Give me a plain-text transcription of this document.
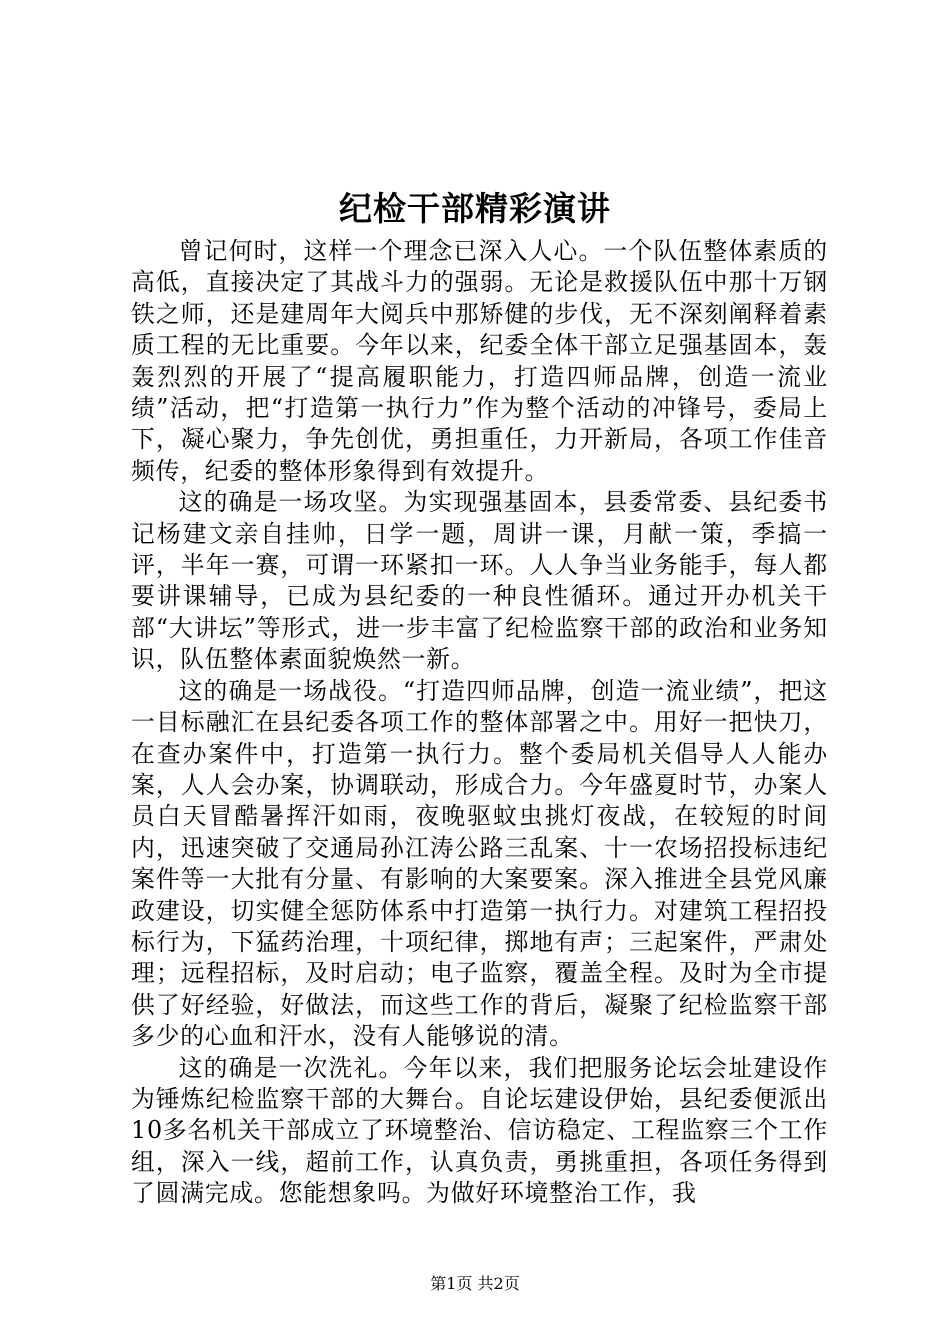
纪检干部精彩演讲

曾记何时，这样一个理念已深入人心。一个队伍整体素质的高低，直接决定了其战斗力的强弱。无论是救援队伍中那十万钢铁之师，还是建周年大阅兵中那矫健的步伐，无不深刻阐释着素质工程的无比重要。今年以来，纪委全体干部立足强基固本，轰轰烈烈的开展了“提高履职能力，打造四师品牌，创造一流业绩”活动，把“打造第一执行力”作为整个活动的冲锋号，委局上下，凝心聚力，争先创优，勇担重任，力开新局，各项工作佳音频传，纪委的整体形象得到有效提升。

这的确是一场攻坚。为实现强基固本，县委常委、县纪委书记杨建文亲自挂帅，日学一题，周讲一课，月献一策，季搞一评，半年一赛，可谓一环紧扣一环。人人争当业务能手，每人都要讲课辅导，已成为县纪委的一种良性循环。通过开办机关干部“大讲坛”等形式，进一步丰富了纪检监察干部的政治和业务知识，队伍整体素面貌焕然一新。

这的确是一场战役。“打造四师品牌，创造一流业绩”，把这一目标融汇在县纪委各项工作的整体部署之中。用好一把快刀，在查办案件中，打造第一执行力。整个委局机关倡导人人能办案，人人会办案，协调联动，形成合力。今年盛夏时节，办案人员白天冒酷暑挥汗如雨，夜晚驱蚊虫挑灯夜战，在较短的时间内，迅速突破了交通局孙江涛公路三乱案、十一农场招投标违纪案件等一大批有分量、有影响的大案要案。深入推进全县党风廉政建设，切实健全惩防体系中打造第一执行力。对建筑工程招投标行为，下猛药治理，十项纪律，掷地有声；三起案件，严肃处理；远程招标，及时启动；电子监察，覆盖全程。及时为全市提供了好经验，好做法，而这些工作的背后，凝聚了纪检监察干部多少的心血和汗水，没有人能够说的清。

这的确是一次洗礼。今年以来，我们把服务论坛会址建设作为锤炼纪检监察干部的大舞台。自论坛建设伊始，县纪委便派出10多名机关干部成立了环境整治、信访稳定、工程监察三个工作组，深入一线，超前工作，认真负责，勇挑重担，各项任务得到了圆满完成。您能想象吗。为做好环境整治工作，我

第1页 共2页
